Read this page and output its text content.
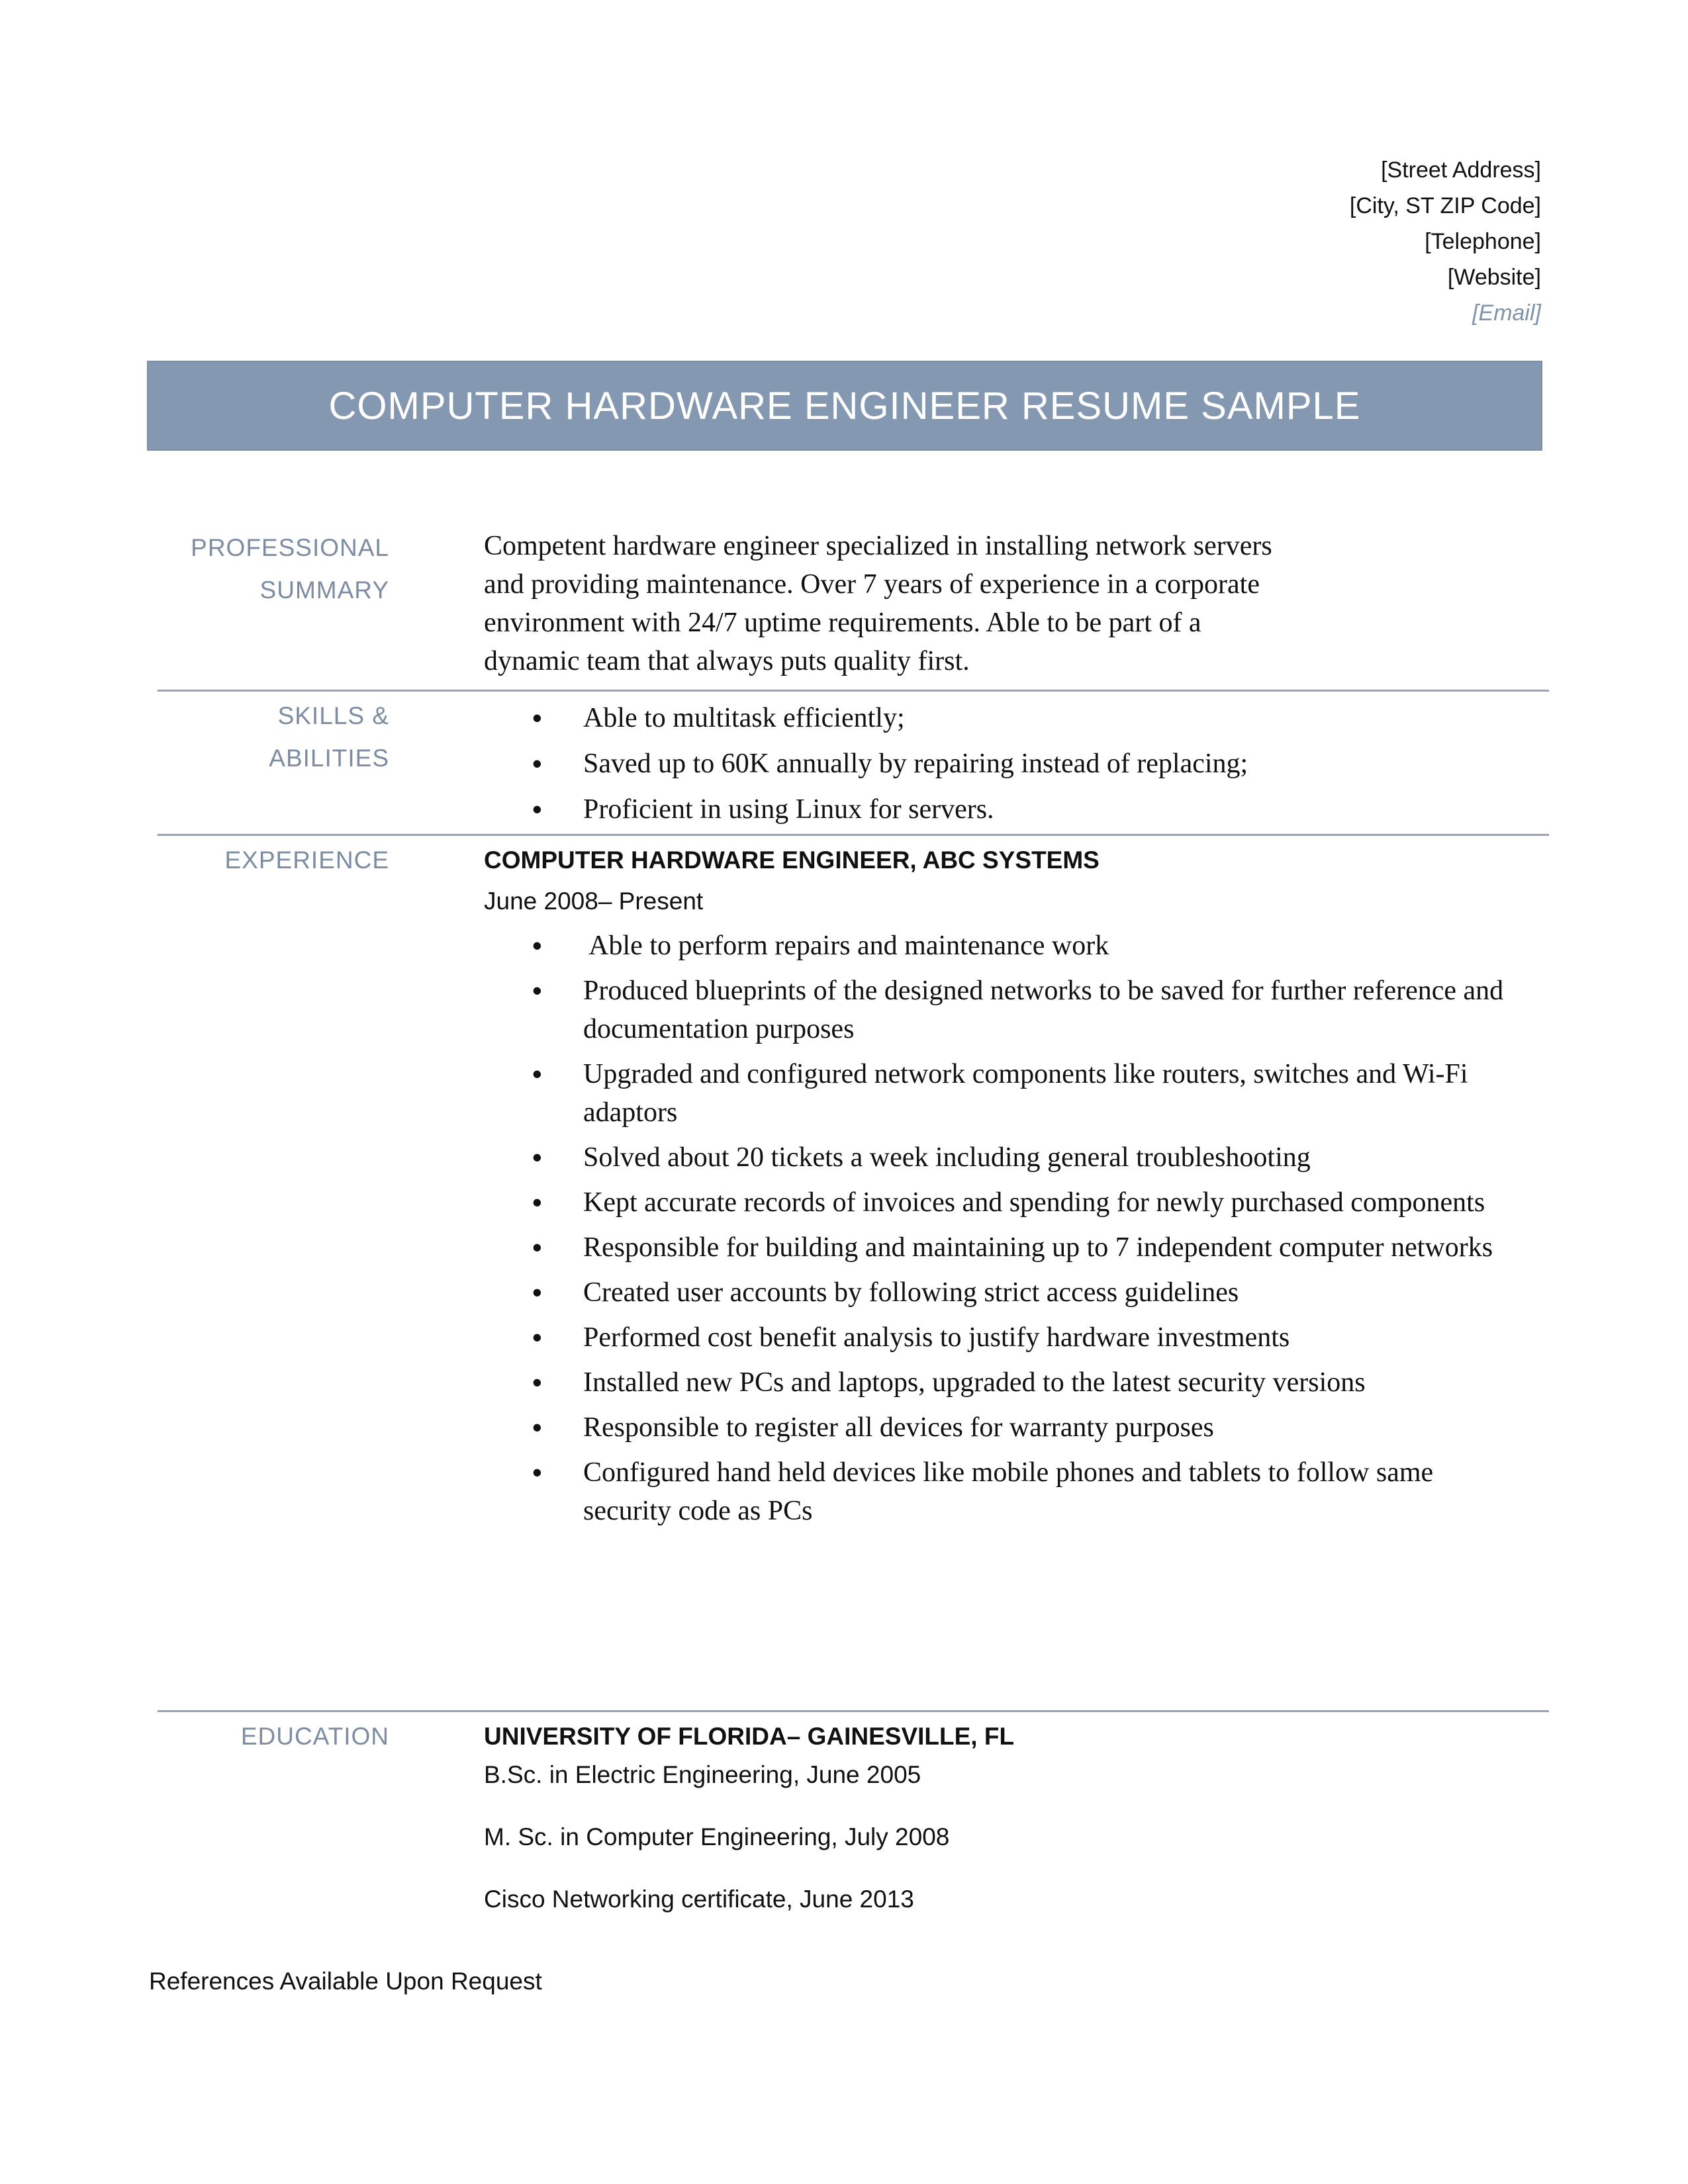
[Street Address]
[City, ST ZIP Code]
[Telephone]
[Website]
[Email]
COMPUTER HARDWARE ENGINEER RESUME SAMPLE
PROFESSIONAL
SUMMARY
Competent hardware engineer specialized in installing network servers
and providing maintenance. Over 7 years of experience in a corporate
environment with 24/7 uptime requirements. Able to be part of a
dynamic team that always puts quality first.
SKILLS & ABILITIES
• Able to multitask efficiently;
• Saved up to 60K annually by repairing instead of replacing;
• Proficient in using Linux for servers.
EXPERIENCE	COMPUTER HARDWARE ENGINEER, ABC SYSTEMS
June 2008– Present
• Able to perform repairs and maintenance work
• Produced blueprints of the designed networks to be saved for further reference and documentation purposes
• Upgraded and configured network components like routers, switches and Wi-Fi adaptors
• Solved about 20 tickets a week including general troubleshooting
• Kept accurate records of invoices and spending for newly purchased components
• Responsible for building and maintaining up to 7 independent computer networks
• Created user accounts by following strict access guidelines
• Performed cost benefit analysis to justify hardware investments
• Installed new PCs and laptops, upgraded to the latest security versions
• Responsible to register all devices for warranty purposes
• Configured hand held devices like mobile phones and tablets to follow same security code as PCs
EDUCATION	UNIVERSITY OF FLORIDA– GAINESVILLE, FL
B.Sc. in Electric Engineering, June 2005
M. Sc. in Computer Engineering, July 2008
Cisco Networking certificate, June 2013
References Available Upon Request
